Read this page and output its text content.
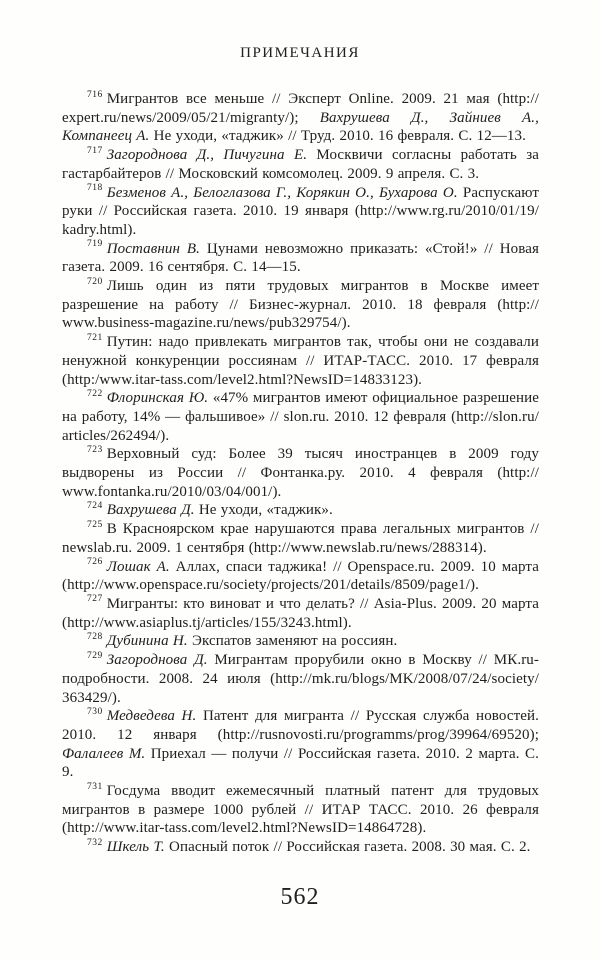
ПРИМЕЧАНИЯ

$^{716}$ Мигрантов все меньше // Эксперт Online. 2009. 21 мая (http://expert.ru/news/2009/05/21/migranty/); Вахрушева Д., Зайниев А., Компанеец А. Не уходи, «таджик» // Труд. 2010. 16 февраля. С. 12—13.

$^{717}$ Загороднова Д., Пичугина Е. Москвичи согласны работать за гастарбайтеров // Московский комсомолец. 2009. 9 апреля. С. 3.

$^{718}$ Безменов А., Белоглазова Г., Корякин О., Бухарова О. Распускают руки // Российская газета. 2010. 19 января (http://www.rg.ru/2010/01/19/kadry.html).

$^{719}$ Поставнин В. Цунами невозможно приказать: «Стой!» // Новая газета. 2009. 16 сентября. С. 14—15.

$^{720}$ Лишь один из пяти трудовых мигрантов в Москве имеет разрешение на работу // Бизнес-журнал. 2010. 18 февраля (http://www.business-magazine.ru/news/pub329754/).

$^{721}$ Путин: надо привлекать мигрантов так, чтобы они не создавали ненужной конкуренции россиянам // ИТАР-ТАСС. 2010. 17 февраля (http:/www.itar-tass.com/level2.html?NewsID=14833123).

$^{722}$ Флоринская Ю. «47% мигрантов имеют официальное разрешение на работу, 14% — фальшивое» // slon.ru. 2010. 12 февраля (http://slon.ru/articles/262494/).

$^{723}$ Верховный суд: Более 39 тысяч иностранцев в 2009 году выдворены из России // Фонтанка.ру. 2010. 4 февраля (http://www.fontanka.ru/2010/03/04/001/).

$^{724}$ Вахрушева Д. Не уходи, «таджик».

$^{725}$ В Красноярском крае нарушаются права легальных мигрантов // newslab.ru. 2009. 1 сентября (http://www.newslab.ru/news/288314).

$^{726}$ Лошак А. Аллах, спаси таджика! // Openspace.ru. 2009. 10 марта (http://www.openspace.ru/society/projects/201/details/8509/page1/).

$^{727}$ Мигранты: кто виноват и что делать? // Asia-Plus. 2009. 20 марта (http://www.asiaplus.tj/articles/155/3243.html).

$^{728}$ Дубинина Н. Экспатов заменяют на россиян.

$^{729}$ Загороднова Д. Мигрантам прорубили окно в Москву // МК.ru-подробности. 2008. 24 июля (http://mk.ru/blogs/MK/2008/07/24/society/363429/).

$^{730}$ Медведева Н. Патент для мигранта // Русская служба новостей. 2010. 12 января (http://rusnovosti.ru/programms/prog/39964/69520); Фалалеев М. Приехал — получи // Российская газета. 2010. 2 марта. С. 9.

$^{731}$ Госдума вводит ежемесячный платный патент для трудовых мигрантов в размере 1000 рублей // ИТАР ТАСС. 2010. 26 февраля (http://www.itar-tass.com/level2.html?NewsID=14864728).

$^{732}$ Шкель Т. Опасный поток // Российская газета. 2008. 30 мая. С. 2.

562
